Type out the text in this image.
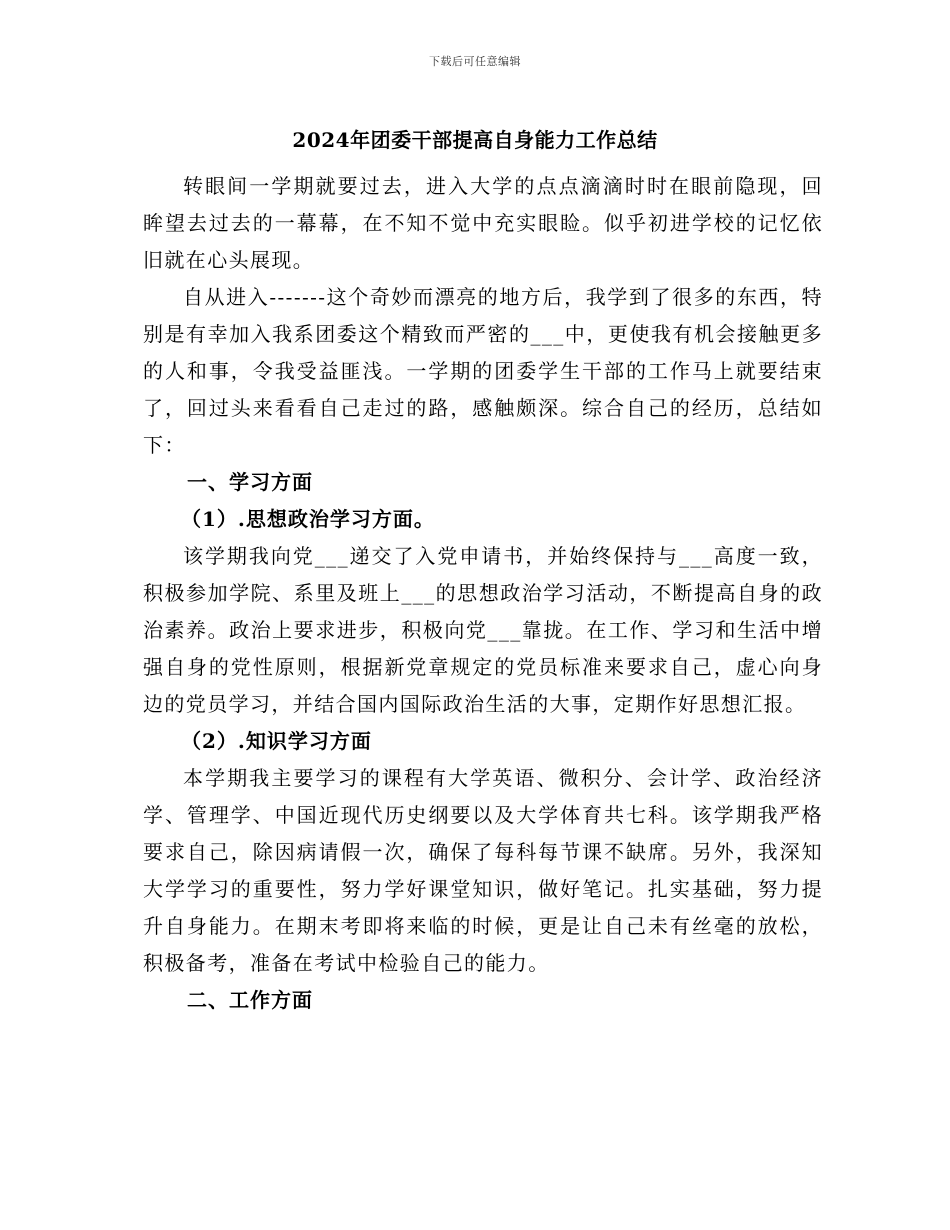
下载后可任意编辑
2024年团委干部提高自身能力工作总结

转眼间一学期就要过去，进入大学的点点滴滴时时在眼前隐现，回眸望去过去的一幕幕，在不知不觉中充实眼睑。似乎初进学校的记忆依旧就在心头展现。

自从进入-------这个奇妙而漂亮的地方后，我学到了很多的东西，特别是有幸加入我系团委这个精致而严密的___中，更使我有机会接触更多的人和事，令我受益匪浅。一学期的团委学生干部的工作马上就要结束了，回过头来看看自己走过的路，感触颇深。综合自己的经历，总结如下：

一、学习方面

（1）.思想政治学习方面。

该学期我向党___递交了入党申请书，并始终保持与___高度一致，积极参加学院、系里及班上___的思想政治学习活动，不断提高自身的政治素养。政治上要求进步，积极向党___靠拢。在工作、学习和生活中增强自身的党性原则，根据新党章规定的党员标准来要求自己，虚心向身边的党员学习，并结合国内国际政治生活的大事，定期作好思想汇报。

（2）.知识学习方面

本学期我主要学习的课程有大学英语、微积分、会计学、政治经济学、管理学、中国近现代历史纲要以及大学体育共七科。该学期我严格要求自己，除因病请假一次，确保了每科每节课不缺席。另外，我深知大学学习的重要性，努力学好课堂知识，做好笔记。扎实基础，努力提升自身能力。在期末考即将来临的时候，更是让自己未有丝毫的放松，积极备考，准备在考试中检验自己的能力。

二、工作方面
